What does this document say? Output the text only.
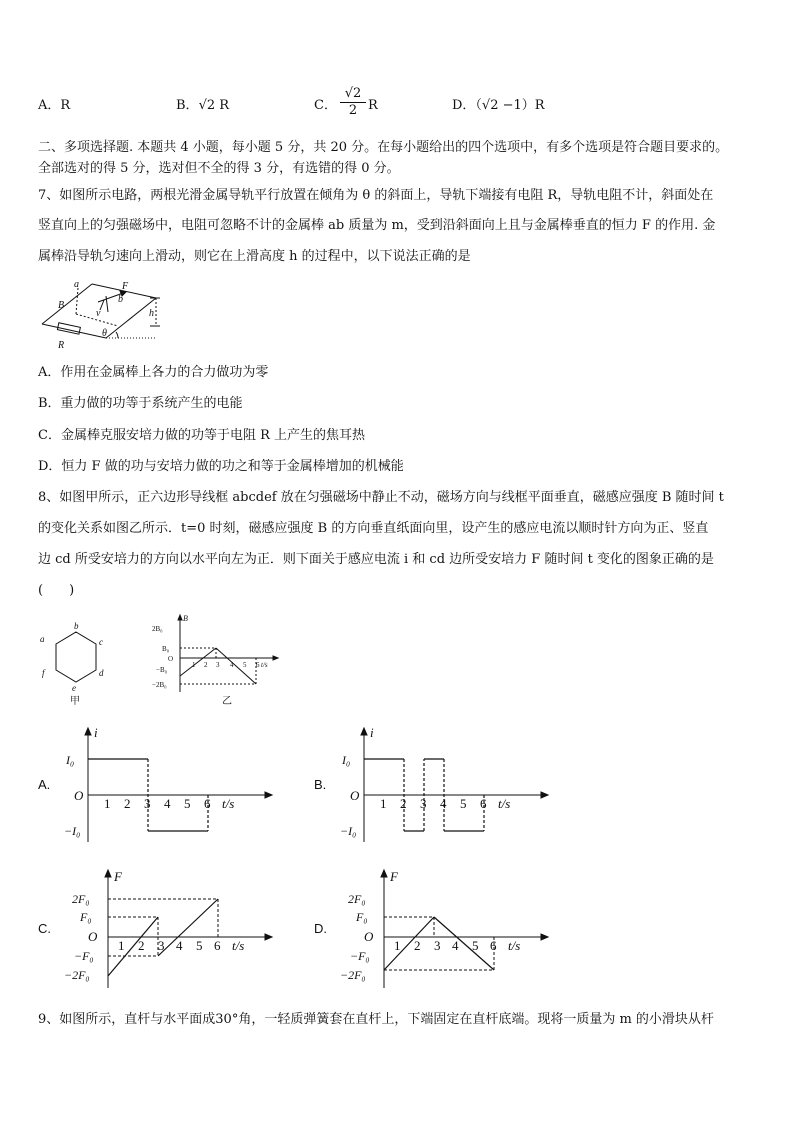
A．R	B．√2 R	C． $\frac{√2}{2}$ R	D．（√2 −1）R
二、多项选择题. 本题共 4 小题，每小题 5 分，共 20 分。在每小题给出的四个选项中，有多个选项是符合题目要求的。
全部选对的得 5 分，选对但不全的得 3 分，有选错的得 0 分。
7、如图所示电路，两根光滑金属导轨平行放置在倾角为 θ 的斜面上，导轨下端接有电阻 R，导轨电阻不计，斜面处在
竖直向上的匀强磁场中，电阻可忽略不计的金属棒 ab 质量为 m，受到沿斜面向上且与金属棒垂直的恒力 F 的作用. 金
属棒沿导轨匀速向上滑动，则它在上滑高度 h 的过程中，以下说法正确的是
a
b
B
F
v
θ
R
h
A．作用在金属棒上各力的合力做功为零
B．重力做的功等于系统产生的电能
C．金属棒克服安培力做的功等于电阻 R 上产生的焦耳热
D．恒力 F 做的功与安培力做的功之和等于金属棒增加的机械能
8、如图甲所示，正六边形导线框 abcdef 放在匀强磁场中静止不动，磁场方向与线框平面垂直，磁感应强度 B 随时间 t
的变化关系如图乙所示．t=0 时刻，磁感应强度 B 的方向垂直纸面向里，设产生的感应电流以顺时针方向为正、竖直
边 cd 所受安培力的方向以水平向左为正．则下面关于感应电流 i 和 cd 边所受安培力 F 随时间 t 变化的图象正确的是
(　　)
a
b
c
d
e
f
甲
B
2B₀
B₀
O
−B₀
−2B₀
1 2 3 4 5 6 t/s
乙
A.
i
I₀
O
−I₀
1 2 3 4 5 6 t/s
B.
i
I₀
O
−I₀
1 2 3 4 5 6 t/s
C.
F
2F₀
F₀
O
−F₀
−2F₀
1 2 3 4 5 6 t/s
D.
F
2F₀
F₀
O
−F₀
−2F₀
1 2 3 4 5 6 t/s
9、如图所示，直杆与水平面成30°角，一轻质弹簧套在直杆上，下端固定在直杆底端。现将一质量为 m 的小滑块从杆
